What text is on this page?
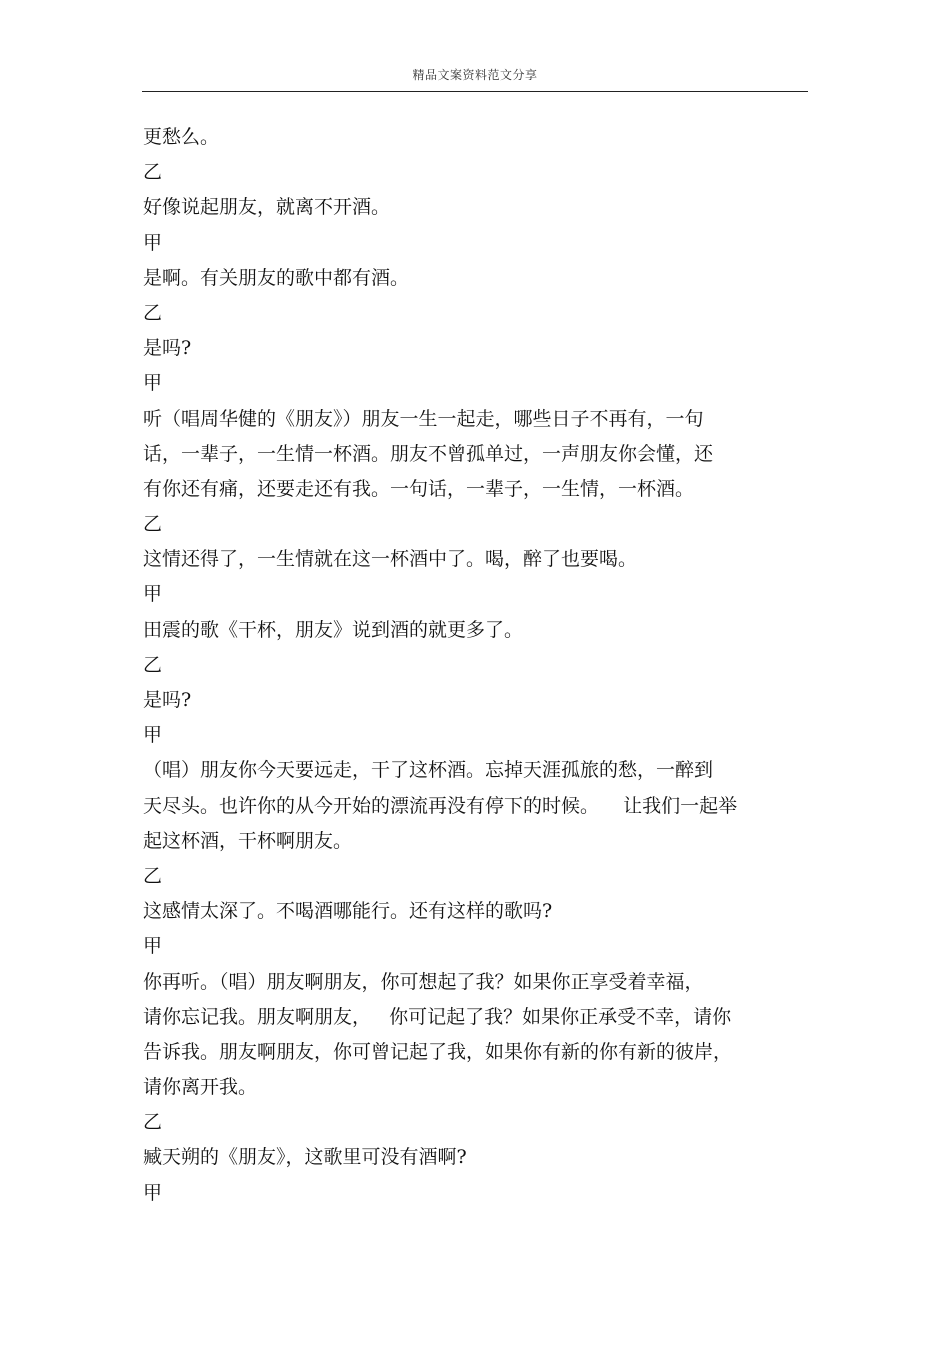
精品文案资料范文分享
更愁么。
乙
好像说起朋友，就离不开酒。
甲
是啊。有关朋友的歌中都有酒。
乙
是吗?
甲
听（唱周华健的《朋友》）朋友一生一起走，哪些日子不再有，一句
话，一辈子，一生情一杯酒。朋友不曾孤单过，一声朋友你会懂，还
有你还有痛，还要走还有我。一句话，一辈子，一生情，一杯酒。
乙
这情还得了，一生情就在这一杯酒中了。喝，醉了也要喝。
甲
田震的歌《干杯，朋友》说到酒的就更多了。
乙
是吗?
甲
（唱）朋友你今天要远走，干了这杯酒。忘掉天涯孤旅的愁，一醉到
天尽头。也许你的从今开始的漂流再没有停下的时候。    让我们一起举
起这杯酒，干杯啊朋友。
乙
这感情太深了。不喝酒哪能行。还有这样的歌吗?
甲
你再听。（唱）朋友啊朋友，你可想起了我？如果你正享受着幸福，
请你忘记我。朋友啊朋友，   你可记起了我？如果你正承受不幸，请你
告诉我。朋友啊朋友，你可曾记起了我，如果你有新的你有新的彼岸，
请你离开我。
乙
臧天朔的《朋友》，这歌里可没有酒啊?
甲
